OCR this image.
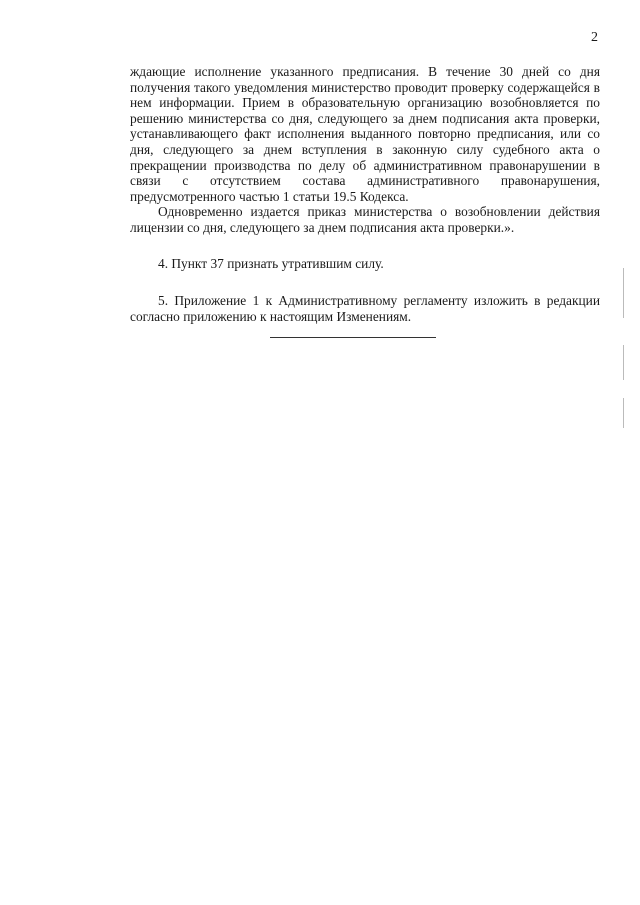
2

ждающие исполнение указанного предписания. В течение 30 дней со дня получения такого уведомления министерство проводит проверку содержащейся в нем информации. Прием в образовательную организацию возобновляется по решению министерства со дня, следующего за днем подписания акта проверки, устанавливающего факт исполнения выданного повторно предписания, или со дня, следующего за днем вступления в законную силу судебного акта о прекращении производства по делу об административном правонарушении в связи с отсутствием состава административного правонарушения, предусмотренного частью 1 статьи 19.5 Кодекса.

Одновременно издается приказ министерства о возобновлении действия лицензии со дня, следующего за днем подписания акта проверки.».

4. Пункт 37 признать утратившим силу.

5. Приложение 1 к Административному регламенту изложить в редакции согласно приложению к настоящим Изменениям.
